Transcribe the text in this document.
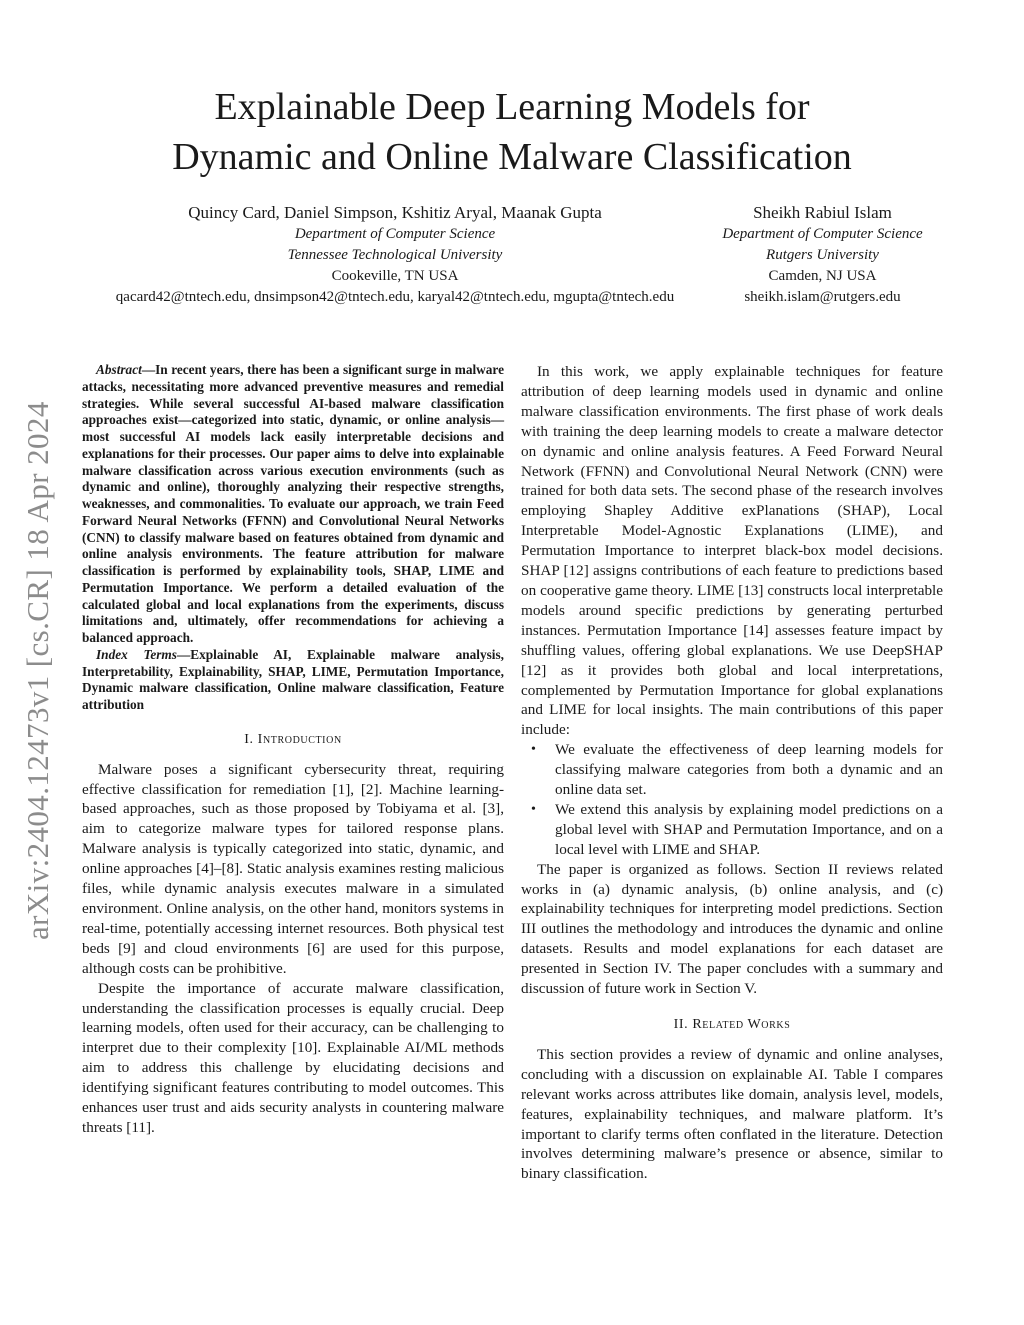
arXiv:2404.12473v1 [cs.CR] 18 Apr 2024
Explainable Deep Learning Models for
Dynamic and Online Malware Classification
Quincy Card, Daniel Simpson, Kshitiz Aryal, Maanak Gupta
Department of Computer Science
Tennessee Technological University
Cookeville, TN USA
qacard42@tntech.edu, dnsimpson42@tntech.edu, karyal42@tntech.edu, mgupta@tntech.edu
Sheikh Rabiul Islam
Department of Computer Science
Rutgers University
Camden, NJ USA
sheikh.islam@rutgers.edu

Abstract—In recent years, there has been a significant surge in malware attacks, necessitating more advanced preventive measures and remedial strategies. While several successful AI-based malware classification approaches exist—categorized into static, dynamic, or online analysis—most successful AI models lack easily interpretable decisions and explanations for their processes. Our paper aims to delve into explainable malware classification across various execution environments (such as dynamic and online), thoroughly analyzing their respective strengths, weaknesses, and commonalities. To evaluate our approach, we train Feed Forward Neural Networks (FFNN) and Convolutional Neural Networks (CNN) to classify malware based on features obtained from dynamic and online analysis environments. The feature attribution for malware classification is performed by explainability tools, SHAP, LIME and Permutation Importance. We perform a detailed evaluation of the calculated global and local explanations from the experiments, discuss limitations and, ultimately, offer recommendations for achieving a balanced approach.

Index Terms—Explainable AI, Explainable malware analysis, Interpretability, Explainability, SHAP, LIME, Permutation Importance, Dynamic malware classification, Online malware classification, Feature attribution

I. Introduction

Malware poses a significant cybersecurity threat, requiring effective classification for remediation [1], [2]. Machine learning-based approaches, such as those proposed by Tobiyama et al. [3], aim to categorize malware types for tailored response plans. Malware analysis is typically categorized into static, dynamic, and online approaches [4]–[8]. Static analysis examines resting malicious files, while dynamic analysis executes malware in a simulated environment. Online analysis, on the other hand, monitors systems in real-time, potentially accessing internet resources. Both physical test beds [9] and cloud environments [6] are used for this purpose, although costs can be prohibitive.

Despite the importance of accurate malware classification, understanding the classification processes is equally crucial. Deep learning models, often used for their accuracy, can be challenging to interpret due to their complexity [10]. Explainable AI/ML methods aim to address this challenge by elucidating decisions and identifying significant features contributing to model outcomes. This enhances user trust and aids security analysts in countering malware threats [11].

In this work, we apply explainable techniques for feature attribution of deep learning models used in dynamic and online malware classification environments. The first phase of work deals with training the deep learning models to create a malware detector on dynamic and online analysis features. A Feed Forward Neural Network (FFNN) and Convolutional Neural Network (CNN) were trained for both data sets. The second phase of the research involves employing Shapley Additive exPlanations (SHAP), Local Interpretable Model-Agnostic Explanations (LIME), and Permutation Importance to interpret black-box model decisions. SHAP [12] assigns contributions of each feature to predictions based on cooperative game theory. LIME [13] constructs local interpretable models around specific predictions by generating perturbed instances. Permutation Importance [14] assesses feature impact by shuffling values, offering global explanations. We use DeepSHAP [12] as it provides both global and local interpretations, complemented by Permutation Importance for global explanations and LIME for local insights. The main contributions of this paper include:

• We evaluate the effectiveness of deep learning models for classifying malware categories from both a dynamic and an online data set.
• We extend this analysis by explaining model predictions on a global level with SHAP and Permutation Importance, and on a local level with LIME and SHAP.

The paper is organized as follows. Section II reviews related works in (a) dynamic analysis, (b) online analysis, and (c) explainability techniques for interpreting model predictions. Section III outlines the methodology and introduces the dynamic and online datasets. Results and model explanations for each dataset are presented in Section IV. The paper concludes with a summary and discussion of future work in Section V.

II. Related Works

This section provides a review of dynamic and online analyses, concluding with a discussion on explainable AI. Table I compares relevant works across attributes like domain, analysis level, models, features, explainability techniques, and malware platform. It’s important to clarify terms often conflated in the literature. Detection involves determining malware’s presence or absence, similar to binary classification.
